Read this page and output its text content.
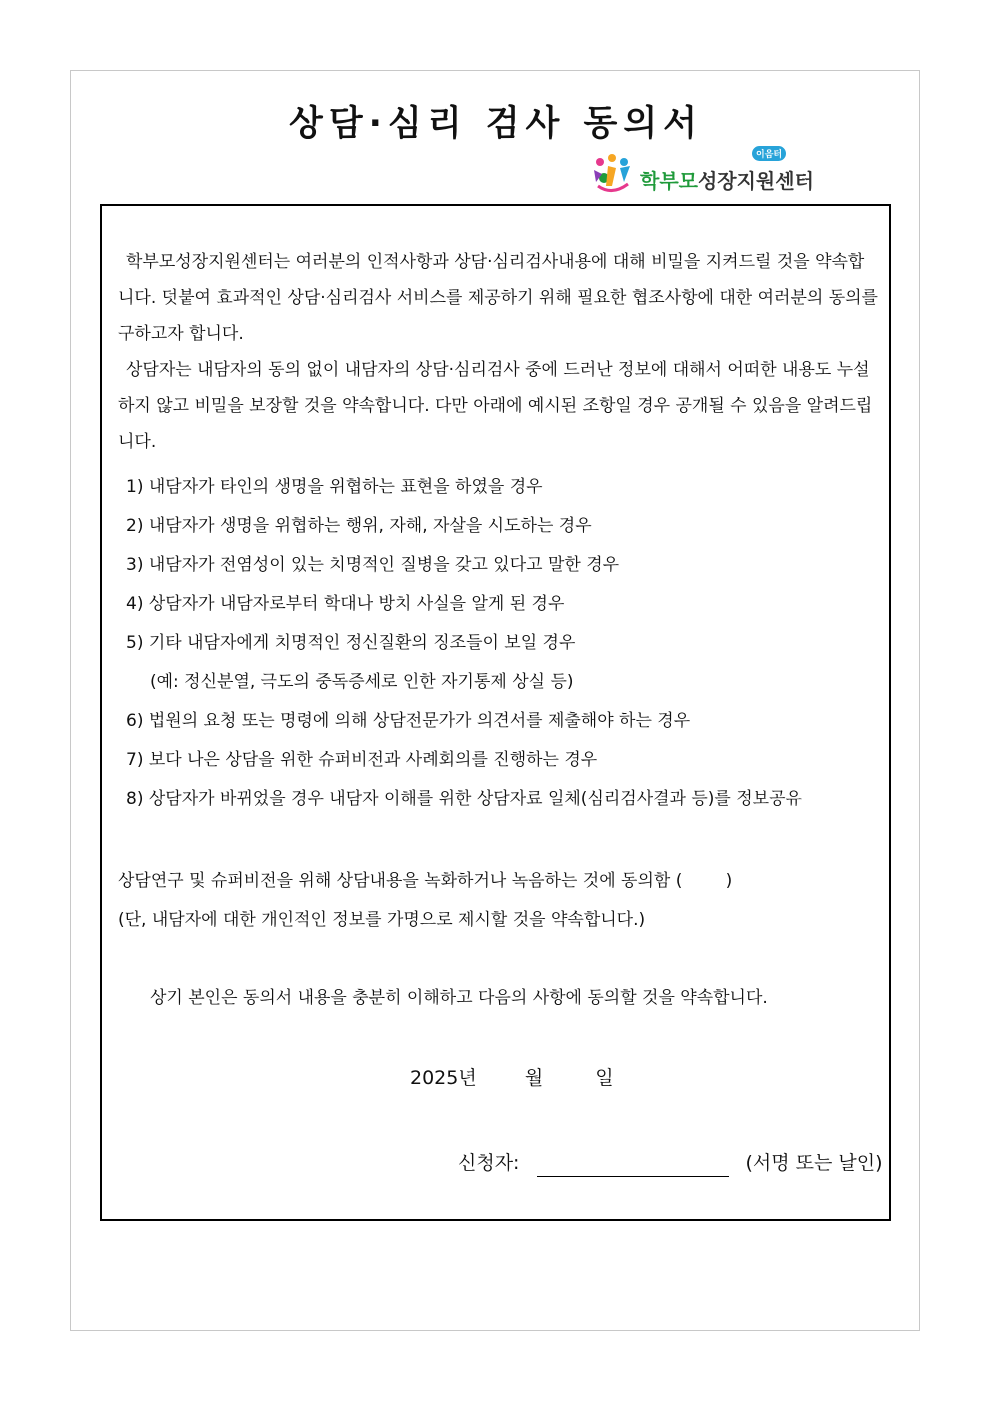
상담·심리 검사 동의서
이음터
학부모 성장지원센터
학부모성장지원센터는 여러분의 인적사항과 상담·심리검사내용에 대해 비밀을 지켜드릴 것을 약속합니다. 덧붙여 효과적인 상담·심리검사 서비스를 제공하기 위해 필요한 협조사항에 대한 여러분의 동의를 구하고자 합니다.
상담자는 내담자의 동의 없이 내담자의 상담·심리검사 중에 드러난 정보에 대해서 어떠한 내용도 누설하지 않고 비밀을 보장할 것을 약속합니다. 다만 아래에 예시된 조항일 경우 공개될 수 있음을 알려드립니다.
1) 내담자가 타인의 생명을 위협하는 표현을 하였을 경우
2) 내담자가 생명을 위협하는 행위, 자해, 자살을 시도하는 경우
3) 내담자가 전염성이 있는 치명적인 질병을 갖고 있다고 말한 경우
4) 상담자가 내담자로부터 학대나 방치 사실을 알게 된 경우
5) 기타 내담자에게 치명적인 정신질환의 징조들이 보일 경우
(예: 정신분열, 극도의 중독증세로 인한 자기통제 상실 등)
6) 법원의 요청 또는 명령에 의해 상담전문가가 의견서를 제출해야 하는 경우
7) 보다 나은 상담을 위한 슈퍼비전과 사례회의를 진행하는 경우
8) 상담자가 바뀌었을 경우 내담자 이해를 위한 상담자료 일체(심리검사결과 등)를 정보공유
상담연구 및 슈퍼비전을 위해 상담내용을 녹화하거나 녹음하는 것에 동의함 (        )
(단, 내담자에 대한 개인적인 정보를 가명으로 제시할 것을 약속합니다.)
상기 본인은 동의서 내용을 충분히 이해하고 다음의 사항에 동의할 것을 약속합니다.
2025년	월	일
신청자:	(서명 또는 날인)
